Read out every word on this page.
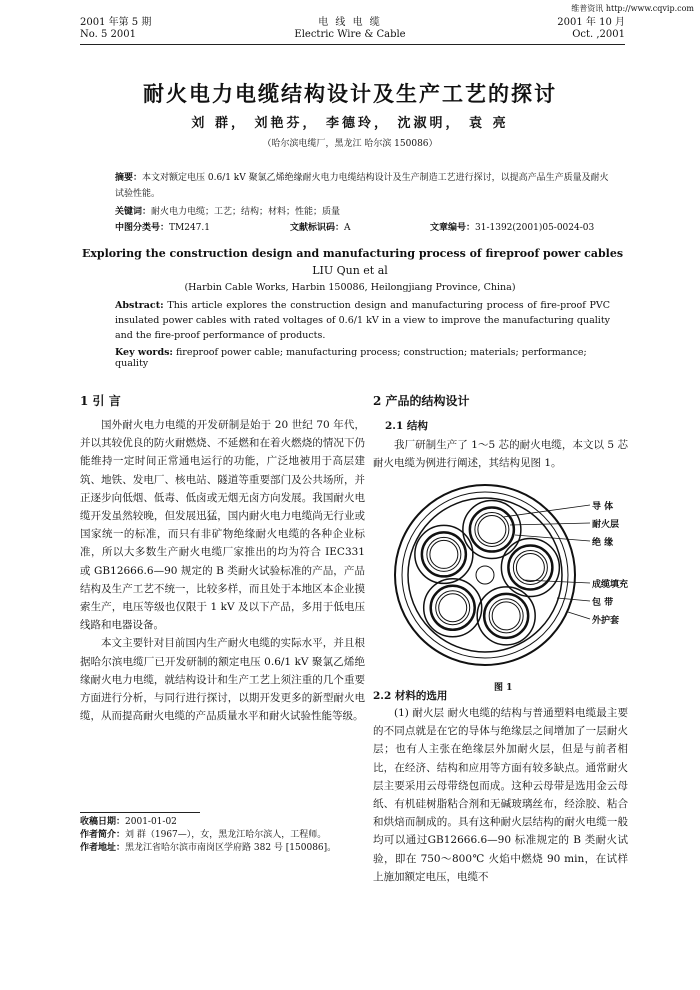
维普资讯 http://www.cqvip.com
2001 年第 5 期
No. 5 2001
电 线 电 缆
Electric Wire & Cable
2001 年 10 月
Oct. ,2001
耐火电力电缆结构设计及生产工艺的探讨
刘 群， 刘艳芬， 李德玲， 沈淑明， 袁 亮
（哈尔滨电缆厂，黑龙江 哈尔滨 150086）
摘要：本文对额定电压 0.6/1 kV 聚氯乙烯绝缘耐火电力电缆结构设计及生产制造工艺进行探讨，以提高产品生产质量及耐火试验性能。
关键词：耐火电力电缆；工艺；结构；材料；性能；质量
中图分类号：TM247.1	文献标识码：A	文章编号：31-1392(2001)05-0024-03
Exploring the construction design and manufacturing process of fireproof power cables
LIU Qun et al
(Harbin Cable Works, Harbin 150086, Heilongjiang Province, China)
Abstract: This article explores the construction design and manufacturing process of fire-proof PVC insulated power cables with rated voltages of 0.6/1 kV in a view to improve the manufacturing quality and the fire-proof performance of products.
Key words: fireproof power cable; manufacturing process; construction; materials; performance; quality
1 引 言

国外耐火电力电缆的开发研制是始于 20 世纪 70 年代，并以其较优良的防火耐燃烧、不延燃和在着火燃烧的情况下仍能维持一定时间正常通电运行的功能，广泛地被用于高层建筑、地铁、发电厂、核电站、隧道等重要部门及公共场所，并正逐步向低烟、低毒、低卤或无烟无卤方向发展。我国耐火电缆开发虽然较晚，但发展迅猛，国内耐火电力电缆尚无行业或国家统一的标准，而只有非矿物绝缘耐火电缆的各种企业标准，所以大多数生产耐火电缆厂家推出的均为符合 IEC331 或 GB12666.6—90 规定的 B 类耐火试验标准的产品，产品结构及生产工艺不统一，比较多样，而且处于本地区本企业摸索生产，电压等级也仅限于 1 kV 及以下产品，多用于低电压线路和电器设备。

本文主要针对目前国内生产耐火电缆的实际水平，并且根据哈尔滨电缆厂已开发研制的额定电压 0.6/1 kV 聚氯乙烯绝缘耐火电力电缆，就结构设计和生产工艺上须注重的几个重要方面进行分析，与同行进行探讨，以期开发更多的新型耐火电缆，从而提高耐火电缆的产品质量水平和耐火试验性能等级。

收稿日期： 2001-01-02
作者简介： 刘 群（1967—），女，黑龙江哈尔滨人，工程师。
作者地址： 黑龙江省哈尔滨市南岗区学府路 382 号 [150086]。
2 产品的结构设计
2.1 结构

我厂研制生产了 1～5 芯的耐火电缆，本文以 5 芯耐火电缆为例进行阐述，其结构见图 1。

导 体
耐火层
绝 缘
成缆填充
包 带
外护套
图 1
2.2 材料的选用

(1) 耐火层 耐火电缆的结构与普通塑料电缆最主要的不同点就是在它的导体与绝缘层之间增加了一层耐火层；也有人主张在绝缘层外加耐火层，但是与前者相比，在经济、结构和应用等方面有较多缺点。通常耐火层主要采用云母带绕包而成。这种云母带是选用金云母纸、有机硅树脂粘合剂和无碱玻璃丝布，经涂胶、粘合和烘焙而制成的。具有这种耐火层结构的耐火电缆一般均可以通过GB12666.6—90 标准规定的 B 类耐火试验，即在 750～800℃ 火焰中燃烧 90 min，在试样上施加额定电压，电缆不
